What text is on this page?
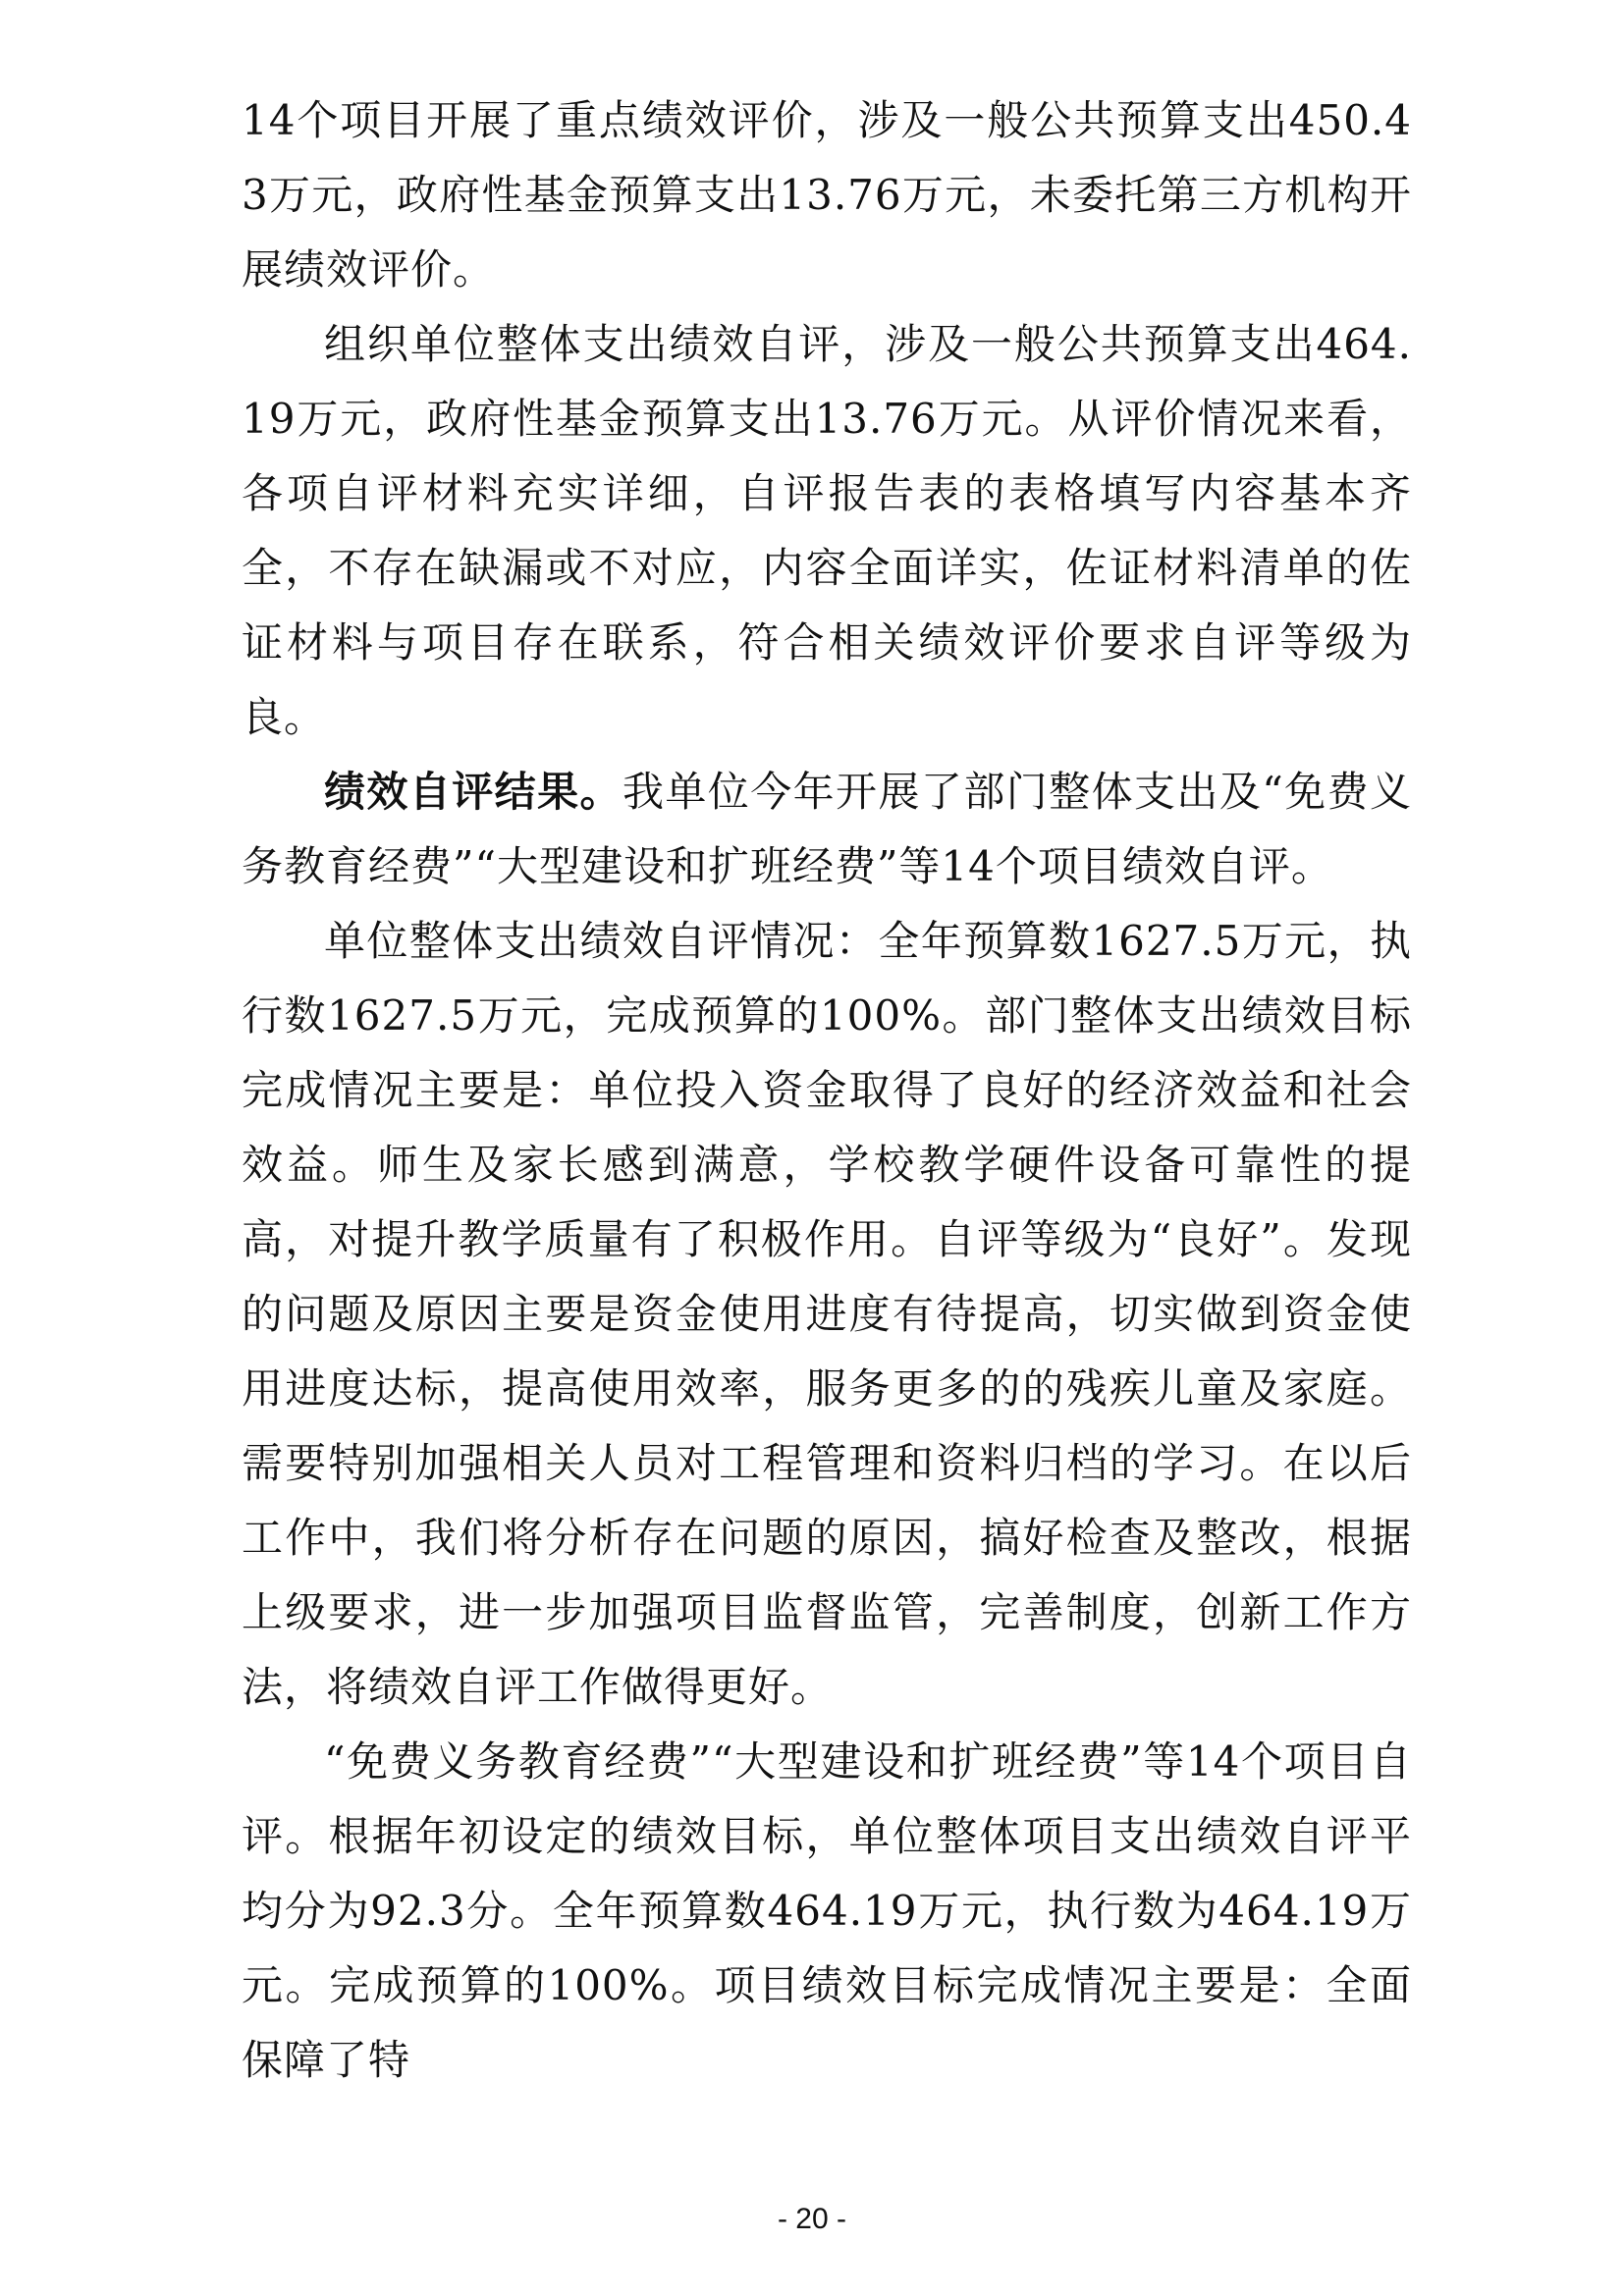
14个项目开展了重点绩效评价，涉及一般公共预算支出450.43万元，政府性基金预算支出13.76万元，未委托第三方机构开展绩效评价。

组织单位整体支出绩效自评，涉及一般公共预算支出464.19万元，政府性基金预算支出13.76万元。从评价情况来看，各项自评材料充实详细，自评报告表的表格填写内容基本齐全，不存在缺漏或不对应，内容全面详实，佐证材料清单的佐证材料与项目存在联系，符合相关绩效评价要求自评等级为良。

绩效自评结果。我单位今年开展了部门整体支出及“免费义务教育经费”“大型建设和扩班经费”等14个项目绩效自评。

单位整体支出绩效自评情况：全年预算数1627.5万元，执行数1627.5万元，完成预算的100%。部门整体支出绩效目标完成情况主要是：单位投入资金取得了良好的经济效益和社会效益。师生及家长感到满意，学校教学硬件设备可靠性的提高，对提升教学质量有了积极作用。自评等级为“良好”。发现的问题及原因主要是资金使用进度有待提高，切实做到资金使用进度达标，提高使用效率，服务更多的的残疾儿童及家庭。需要特别加强相关人员对工程管理和资料归档的学习。在以后工作中，我们将分析存在问题的原因，搞好检查及整改，根据上级要求，进一步加强项目监督监管，完善制度，创新工作方法，将绩效自评工作做得更好。

“免费义务教育经费”“大型建设和扩班经费”等14个项目自评。根据年初设定的绩效目标，单位整体项目支出绩效自评平均分为92.3分。全年预算数464.19万元，执行数为464.19万元。完成预算的100%。项目绩效目标完成情况主要是：全面保障了特

- 20 -
